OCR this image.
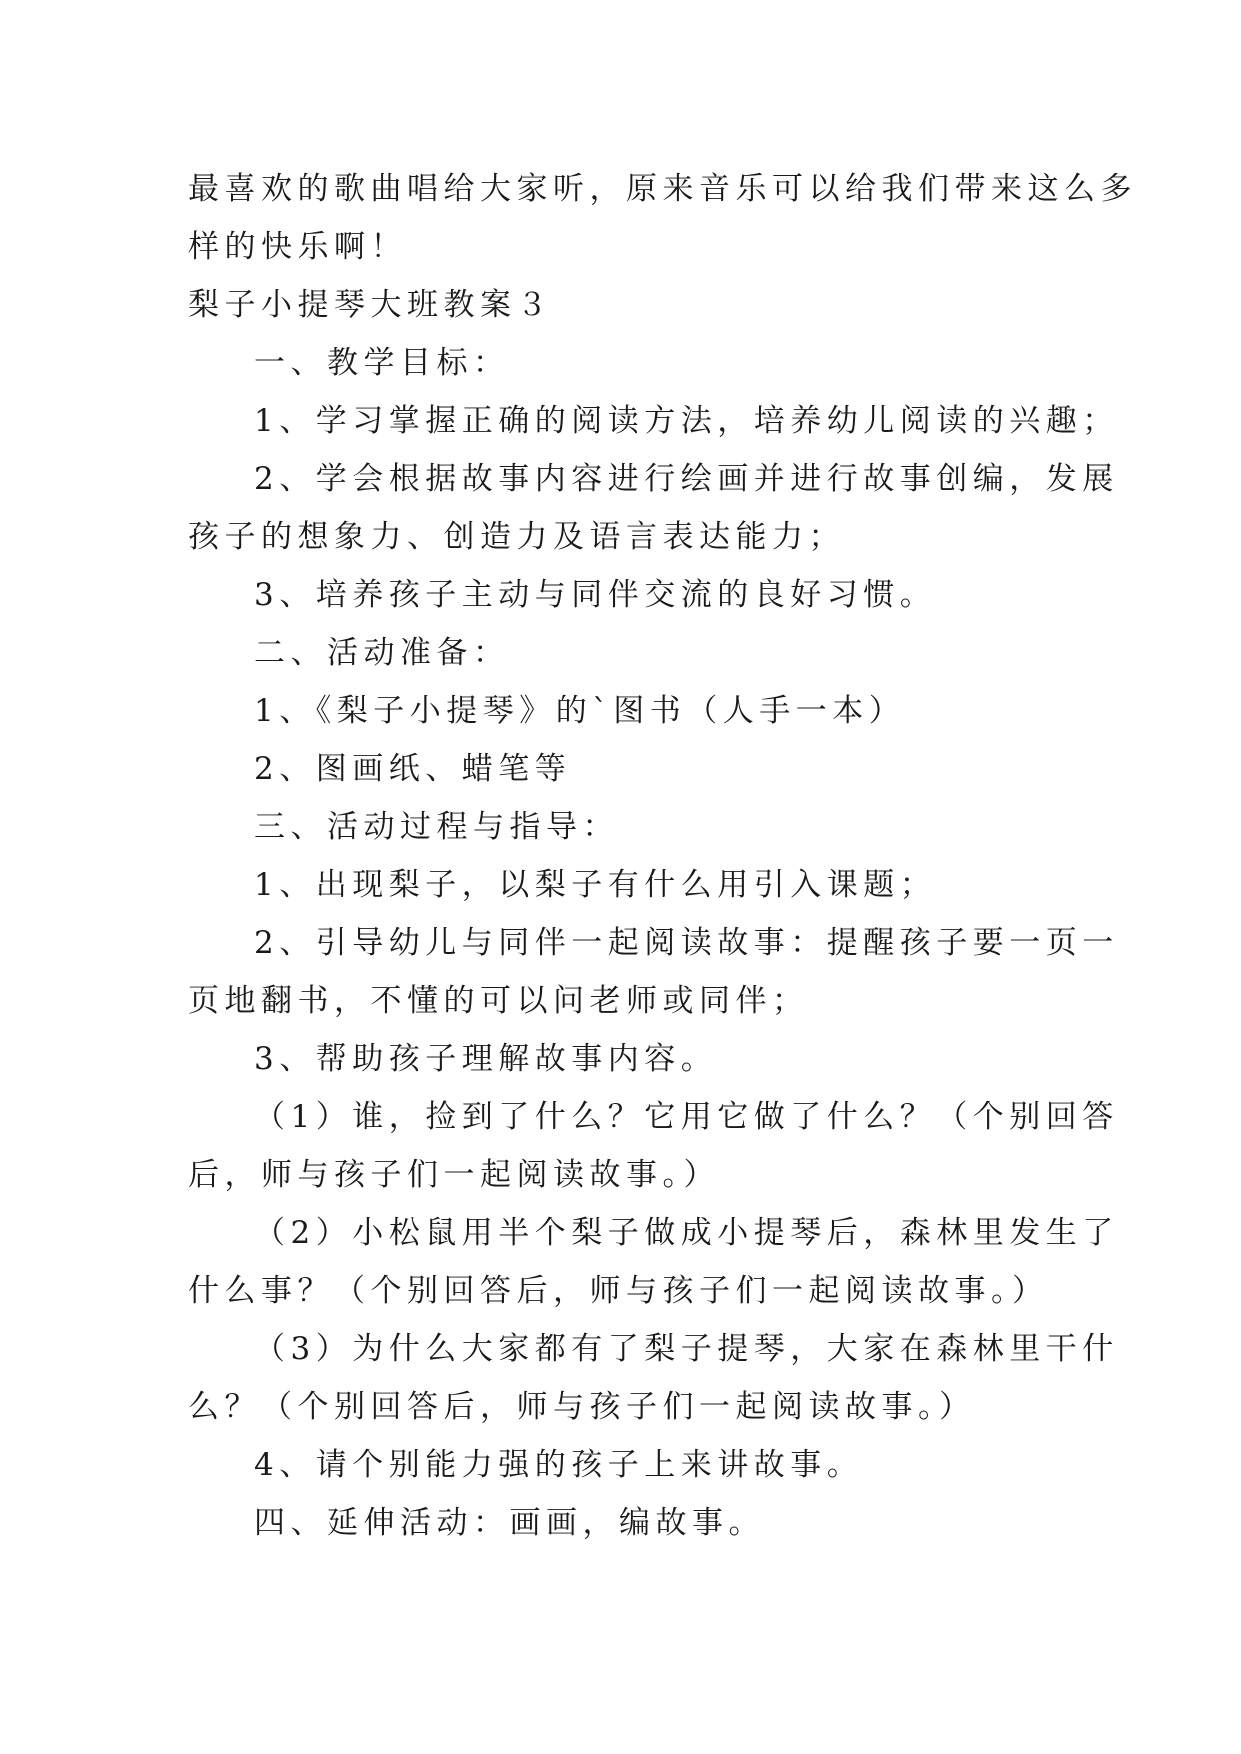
最喜欢的歌曲唱给大家听，原来音乐可以给我们带来这么多

样的快乐啊！

梨子小提琴大班教案３

一、教学目标：

1、学习掌握正确的阅读方法，培养幼儿阅读的兴趣；

2、学会根据故事内容进行绘画并进行故事创编，发展

孩子的想象力、创造力及语言表达能力；

3、培养孩子主动与同伴交流的良好习惯。

二、活动准备：

1、《梨子小提琴》的`图书（人手一本）

2、图画纸、蜡笔等

三、活动过程与指导：

1、出现梨子，以梨子有什么用引入课题；

2、引导幼儿与同伴一起阅读故事：提醒孩子要一页一

页地翻书，不懂的可以问老师或同伴；

3、帮助孩子理解故事内容。

（1）谁，捡到了什么？它用它做了什么？（个别回答

后，师与孩子们一起阅读故事。）

（2）小松鼠用半个梨子做成小提琴后，森林里发生了

什么事？（个别回答后，师与孩子们一起阅读故事。）

（3）为什么大家都有了梨子提琴，大家在森林里干什

么？（个别回答后，师与孩子们一起阅读故事。）

4、请个别能力强的孩子上来讲故事。

四、延伸活动：画画，编故事。
